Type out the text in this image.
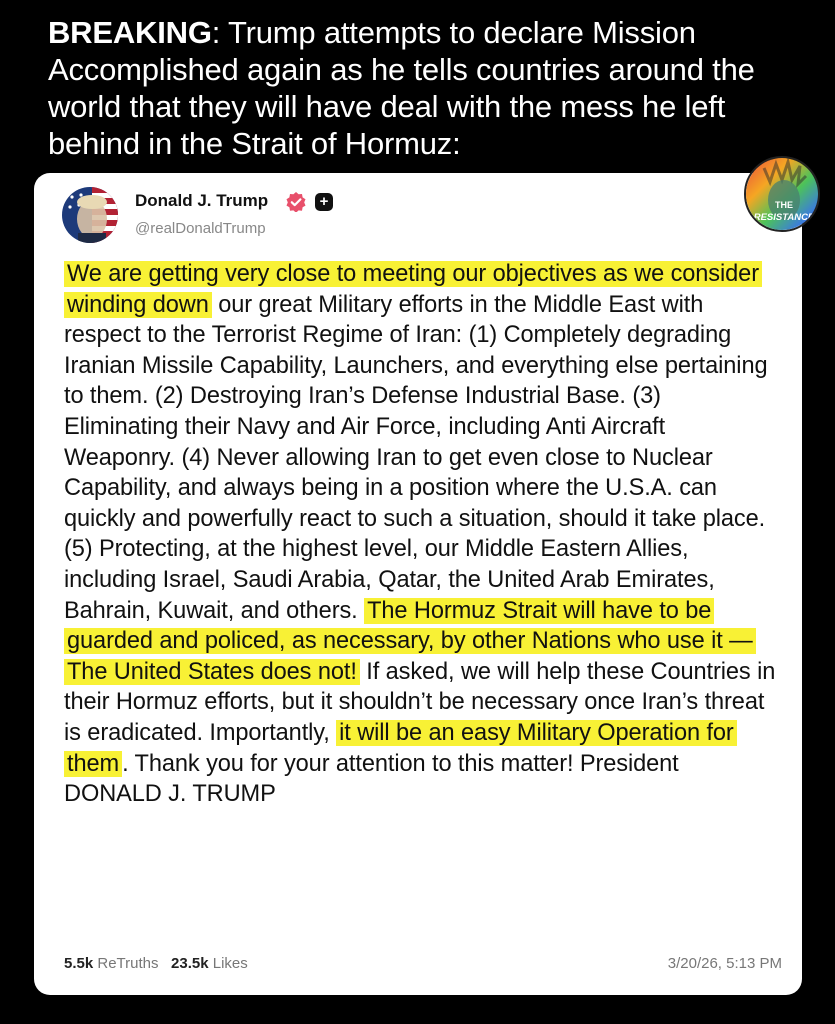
BREAKING: Trump attempts to declare Mission Accomplished again as he tells countries around the world that they will have deal with the mess he left behind in the Strait of Hormuz:
Donald J. Trump	+
@realDonaldTrump
We are getting very close to meeting our objectives as we consider winding down our great Military efforts in the Middle East with respect to the Terrorist Regime of Iran: (1) Completely degrading Iranian Missile Capability, Launchers, and everything else pertaining to them. (2) Destroying Iran’s Defense Industrial Base. (3) Eliminating their Navy and Air Force, including Anti Aircraft Weaponry. (4) Never allowing Iran to get even close to Nuclear Capability, and always being in a position where the U.S.A. can quickly and powerfully react to such a situation, should it take place. (5) Protecting, at the highest level, our Middle Eastern Allies, including Israel, Saudi Arabia, Qatar, the United Arab Emirates, Bahrain, Kuwait, and others. The Hormuz Strait will have to be guarded and policed, as necessary, by other Nations who use it — The United States does not! If asked, we will help these Countries in their Hormuz efforts, but it shouldn’t be necessary once Iran’s threat is eradicated. Importantly, it will be an easy Military Operation for them . Thank you for your attention to this matter! President DONALD J. TRUMP
5.5k ReTruths 23.5k Likes	3/20/26, 5:13 PM
THE
RESISTANCE
